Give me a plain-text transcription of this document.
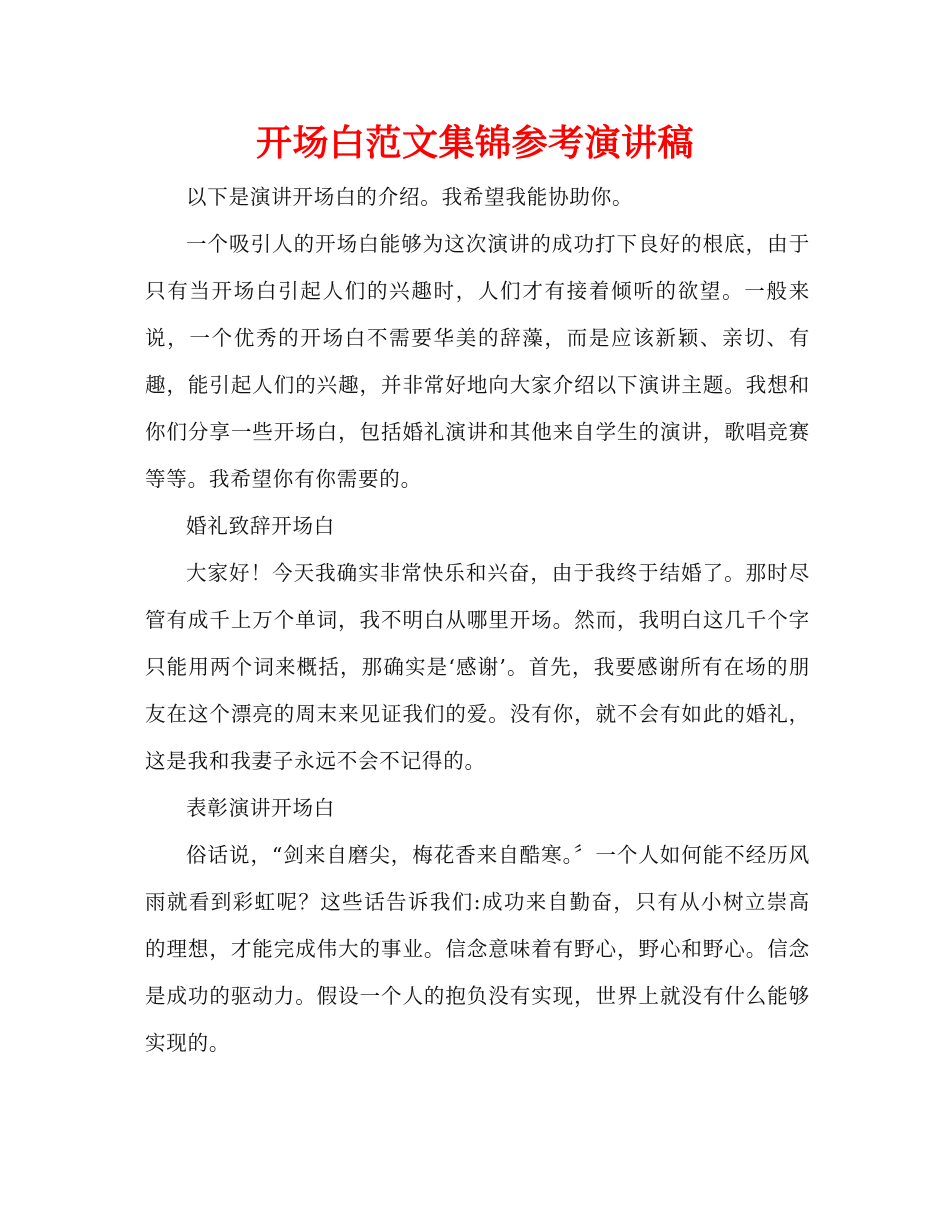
开场白范文集锦参考演讲稿

以下是演讲开场白的介绍。我希望我能协助你。

一个吸引人的开场白能够为这次演讲的成功打下良好的根底，由于只有当开场白引起人们的兴趣时，人们才有接着倾听的欲望。一般来说，一个优秀的开场白不需要华美的辞藻，而是应该新颖、亲切、有趣，能引起人们的兴趣，并非常好地向大家介绍以下演讲主题。我想和你们分享一些开场白，包括婚礼演讲和其他来自学生的演讲，歌唱竞赛等等。我希望你有你需要的。

婚礼致辞开场白

大家好！今天我确实非常快乐和兴奋，由于我终于结婚了。那时尽管有成千上万个单词，我不明白从哪里开场。然而，我明白这几千个字只能用两个词来概括，那确实是‘感谢’。首先，我要感谢所有在场的朋友在这个漂亮的周末来见证我们的爱。没有你，就不会有如此的婚礼，这是我和我妻子永远不会不记得的。

表彰演讲开场白

俗话说，“剑来自磨尖，梅花香来自酷寒。〞一个人如何能不经历风雨就看到彩虹呢？这些话告诉我们:成功来自勤奋，只有从小树立崇高的理想，才能完成伟大的事业。信念意味着有野心，野心和野心。信念是成功的驱动力。假设一个人的抱负没有实现，世界上就没有什么能够实现的。
